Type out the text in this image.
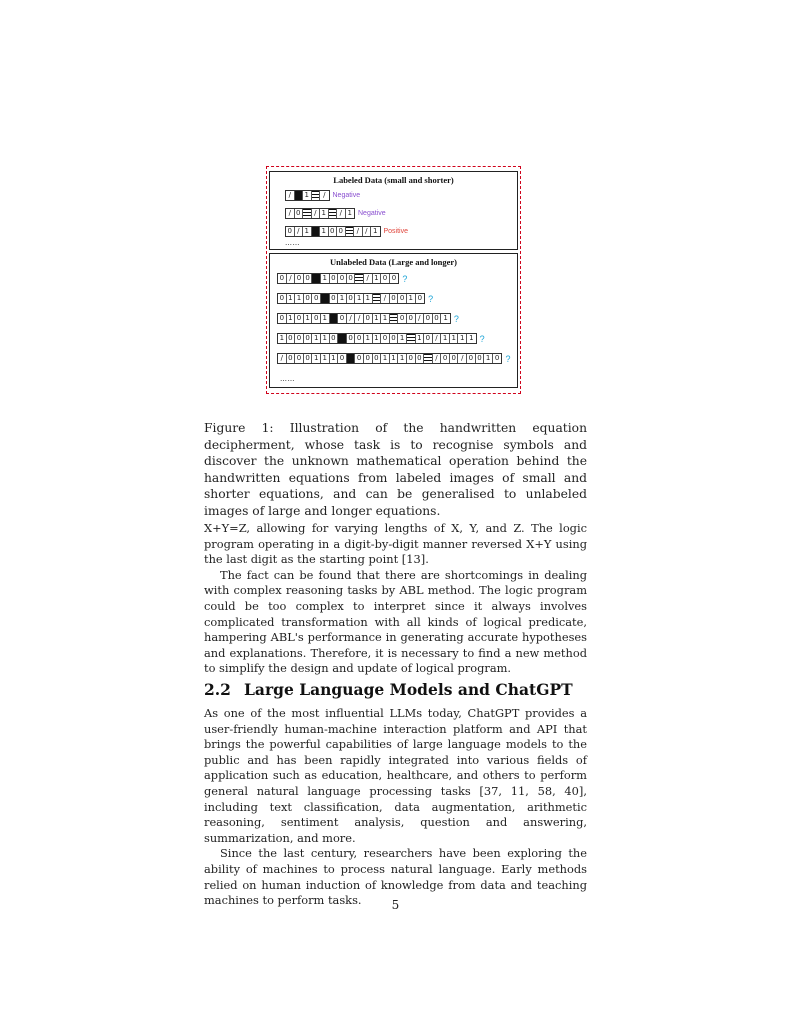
Labeled Data (small and shorter)
/	1	/	Negative
/ 0	/ 1	/ 1 Negative
0 / 1	1 0 0	/ / 1 Positive
……
Unlabeled Data (Large and longer)
0 / 0 0	1 0 0 0	/ 1 0 0 ?
0 1 1 0 0	0 1 0 1 1	/ 0 0 1 0 ?
0 1 0 1 0 1	0 / / 0 1 1	0 0 / 0 0 1 ?
1 0 0 0 1 1 0	0 0 1 1 0 0 1	1 0 / 1 1 1 1 ?
/ 0 0 0 1 1 1 0	0 0 0 1 1 1 0 0	/ 0 0 / 0 0 1 0 ?
……
Figure 1: Illustration of the handwritten equation decipherment, whose task is to recognise symbols and discover the unknown mathematical operation behind the handwritten equations from labeled images of small and shorter equations, and can be generalised to unlabeled images of large and longer equations.

X+Y=Z, allowing for varying lengths of X, Y, and Z. The logic program operating in a digit-by-digit manner reversed X+Y using the last digit as the starting point [13].

The fact can be found that there are shortcomings in dealing with complex reasoning tasks by ABL method. The logic program could be too complex to interpret since it always involves complicated transformation with all kinds of logical predicate, hampering ABL's performance in generating accurate hypotheses and explanations. Therefore, it is necessary to find a new method to simplify the design and update of logical program.

2.2 Large Language Models and ChatGPT

As one of the most influential LLMs today, ChatGPT provides a user-friendly human-machine interaction platform and API that brings the powerful capabilities of large language models to the public and has been rapidly integrated into various fields of application such as education, healthcare, and others to perform general natural language processing tasks [37, 11, 58, 40], including text classification, data augmentation, arithmetic reasoning, sentiment analysis, question and answering, summarization, and more.

Since the last century, researchers have been exploring the ability of machines to process natural language. Early methods relied on human induction of knowledge from data and teaching machines to perform tasks.	5
